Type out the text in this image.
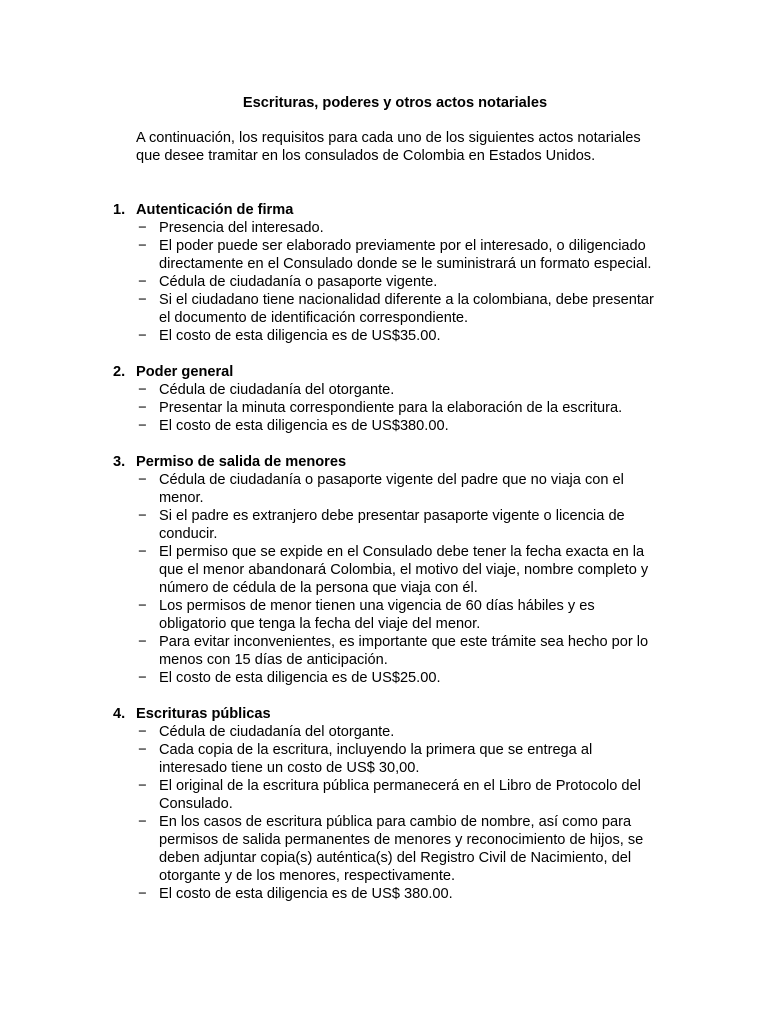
Escrituras, poderes y otros actos notariales
A continuación, los requisitos para cada uno de los siguientes actos notariales que desee tramitar en los consulados de Colombia en Estados Unidos.
1. Autenticación de firma
− Presencia del interesado.
− El poder puede ser elaborado previamente por el interesado, o diligenciado directamente en el Consulado donde se le suministrará un formato especial.
− Cédula de ciudadanía o pasaporte vigente.
− Si el ciudadano tiene nacionalidad diferente a la colombiana, debe presentar el documento de identificación correspondiente.
− El costo de esta diligencia es de US$35.00.
2. Poder general
− Cédula de ciudadanía del otorgante.
− Presentar la minuta correspondiente para la elaboración de la escritura.
− El costo de esta diligencia es de US$380.00.
3. Permiso de salida de menores
− Cédula de ciudadanía o pasaporte vigente del padre que no viaja con el menor.
− Si el padre es extranjero debe presentar pasaporte vigente o licencia de conducir.
− El permiso que se expide en el Consulado debe tener la fecha exacta en la que el menor abandonará Colombia, el motivo del viaje, nombre completo y número de cédula de la persona que viaja con él.
− Los permisos de menor tienen una vigencia de 60 días hábiles y es obligatorio que tenga la fecha del viaje del menor.
− Para evitar inconvenientes, es importante que este trámite sea hecho por lo menos con 15 días de anticipación.
− El costo de esta diligencia es de US$25.00.
4. Escrituras públicas
− Cédula de ciudadanía del otorgante.
− Cada copia de la escritura, incluyendo la primera que se entrega al interesado tiene un costo de US$ 30,00.
− El original de la escritura pública permanecerá en el Libro de Protocolo del Consulado.
− En los casos de escritura pública para cambio de nombre, así como para permisos de salida permanentes de menores y reconocimiento de hijos, se deben adjuntar copia(s) auténtica(s) del Registro Civil de Nacimiento, del otorgante y de los menores, respectivamente.
− El costo de esta diligencia es de US$ 380.00.
